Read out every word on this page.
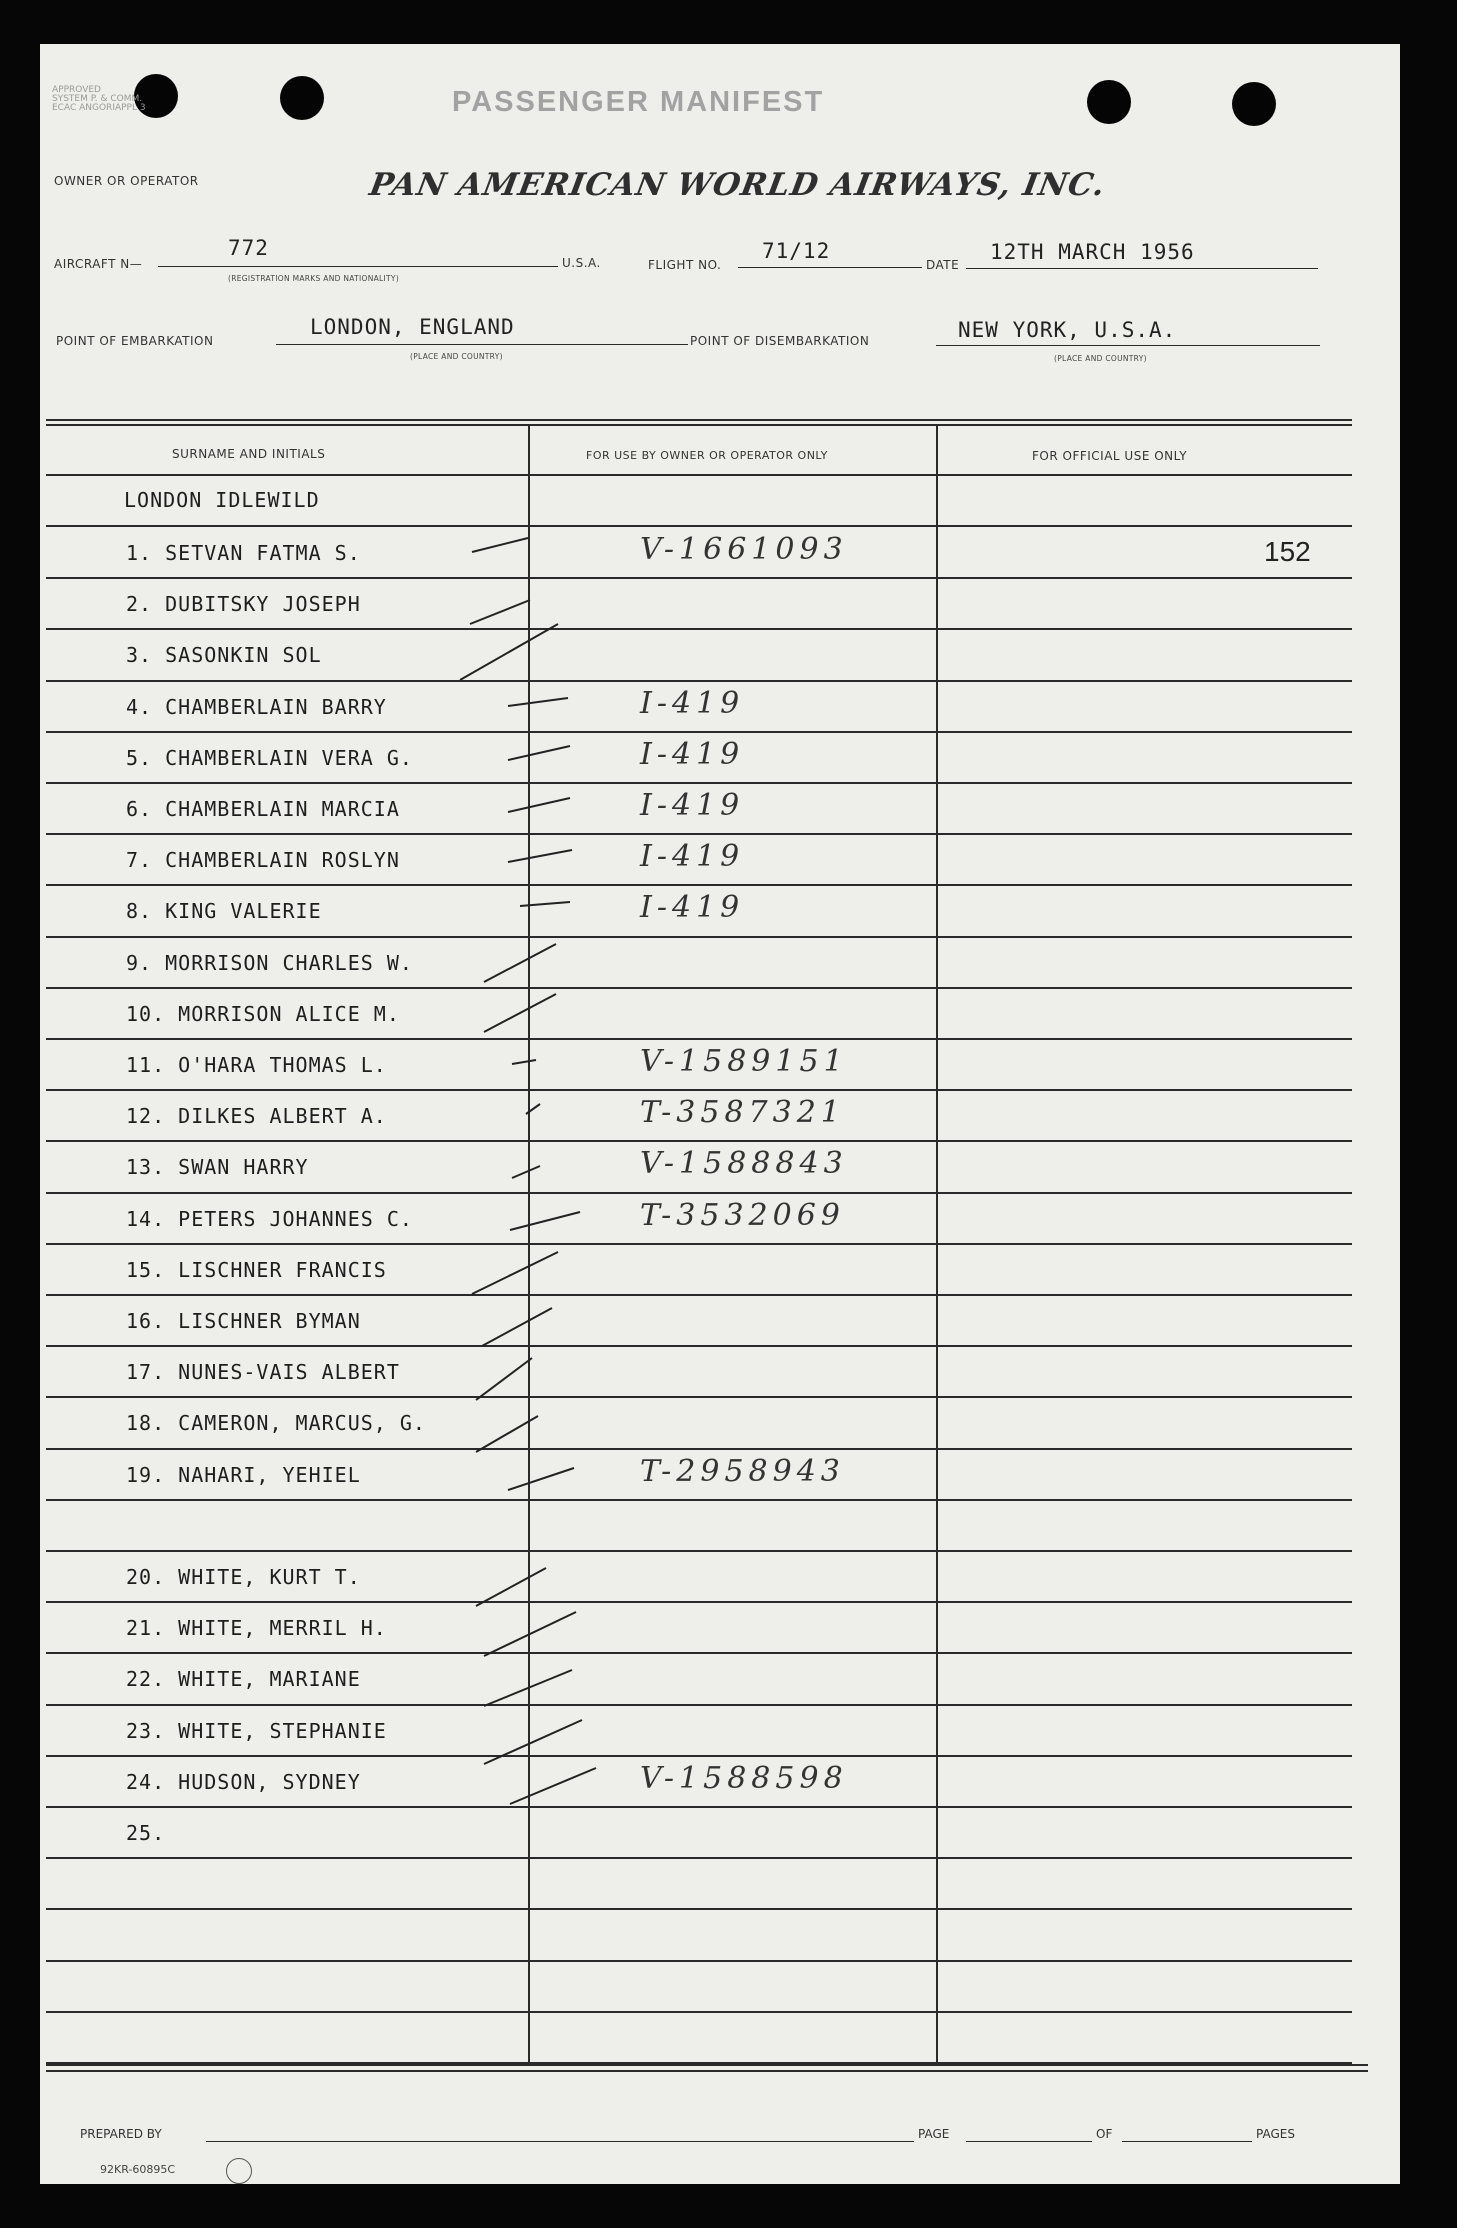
APPROVED
SYSTEM P. & COMM.
ECAC ANGORIAPPL 3	PASSENGER MANIFEST
OWNER OR OPERATOR	PAN AMERICAN WORLD AIRWAYS, INC.
AIRCRAFT N—
772
(REGISTRATION MARKS AND NATIONALITY)
U.S.A.	FLIGHT NO.
71/12
DATE
12TH MARCH 1956
POINT OF EMBARKATION
LONDON, ENGLAND
(PLACE AND COUNTRY)
POINT OF DISEMBARKATION	NEW YORK, U.S.A.
(PLACE AND COUNTRY)
SURNAME AND INITIALS	FOR USE BY OWNER OR OPERATOR ONLY	FOR OFFICIAL USE ONLY
LONDON IDLEWILD
1. SETVAN FATMA S.	V-1661093	152
2. DUBITSKY JOSEPH
3. SASONKIN SOL
4. CHAMBERLAIN BARRY	I-419
5. CHAMBERLAIN VERA G.	I-419
6. CHAMBERLAIN MARCIA	I-419
7. CHAMBERLAIN ROSLYN	I-419
8. KING VALERIE	I-419
9. MORRISON CHARLES W.
10. MORRISON ALICE M.
11. O'HARA THOMAS L.	V-1589151
12. DILKES ALBERT A.	T-3587321
13. SWAN HARRY	V-1588843
14. PETERS JOHANNES C.	T-3532069
15. LISCHNER FRANCIS
16. LISCHNER BYMAN
17. NUNES-VAIS ALBERT
18. CAMERON, MARCUS, G.
19. NAHARI, YEHIEL	T-2958943
20. WHITE, KURT T.
21. WHITE, MERRIL H.
22. WHITE, MARIANE
23. WHITE, STEPHANIE
24. HUDSON, SYDNEY	V-1588598
25.
PREPARED BY	PAGE	OF	PAGES
92KR-60895C
